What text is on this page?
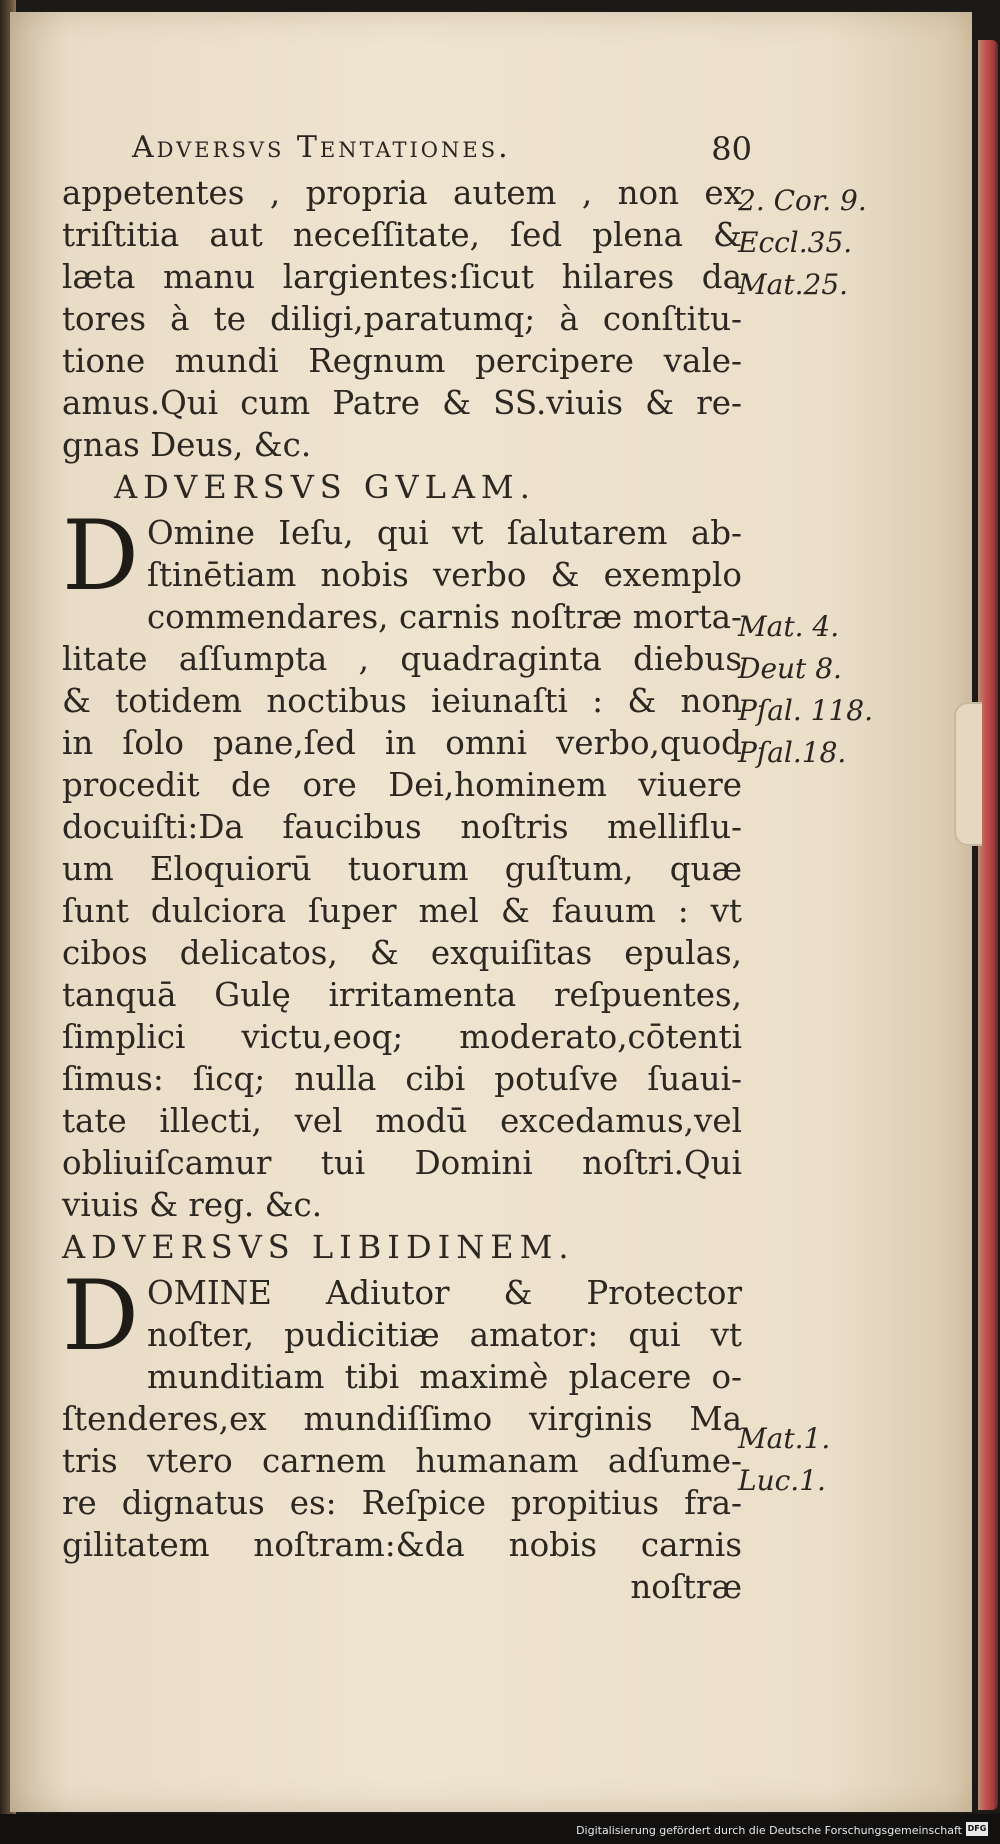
Adversvs Tentationes.	80
appetentes , propria autem , non ex
triſtitia aut neceſſitate, ſed plena &
læta manu largientes:ſicut hilares da
tores à te diligi,paratumq; à conſtitu-
tione mundi Regnum percipere vale-
amus.Qui cum Patre & SS.viuis & re-
gnas Deus, &c.
ADVERSVS GVLAM.
D Omine Ieſu, qui vt ſalutarem ab-
ſtinētiam nobis verbo & exemplo
commendares, carnis noſtræ morta-
litate aſſumpta , quadraginta diebus
& totidem noctibus ieiunaſti : & non
in ſolo pane,ſed in omni verbo,quod
procedit de ore Dei,hominem viuere
docuiſti:Da faucibus noſtris melliflu-
um Eloquiorū tuorum guſtum, quæ
ſunt dulciora ſuper mel & fauum : vt
cibos delicatos, & exquiſitas epulas,
tanquā Gulę irritamenta reſpuentes,
ſimplici victu,eoq; moderato,cōtenti
ſimus: ſicq; nulla cibi potuſve ſuaui-
tate illecti, vel modū excedamus,vel
obliuiſcamur tui Domini noſtri.Qui
viuis & reg. &c.
ADVERSVS LIBIDINEM.
D OMINE Adiutor & Protector
noſter, pudicitiæ amator: qui vt
munditiam tibi maximè placere o-
ſtenderes,ex mundiſſimo virginis Ma
tris vtero carnem humanam adſume-
re dignatus es: Reſpice propitius fra-
gilitatem noſtram:&da nobis carnis
noſtræ
2. Cor. 9.
Eccl.35.
Mat.25.
Mat. 4.
Deut 8.
Pſal. 118.
Pſal.18.
Mat.1.
Luc.1.
Digitalisierung gefördert durch die Deutsche Forschungsgemeinschaft DFG
